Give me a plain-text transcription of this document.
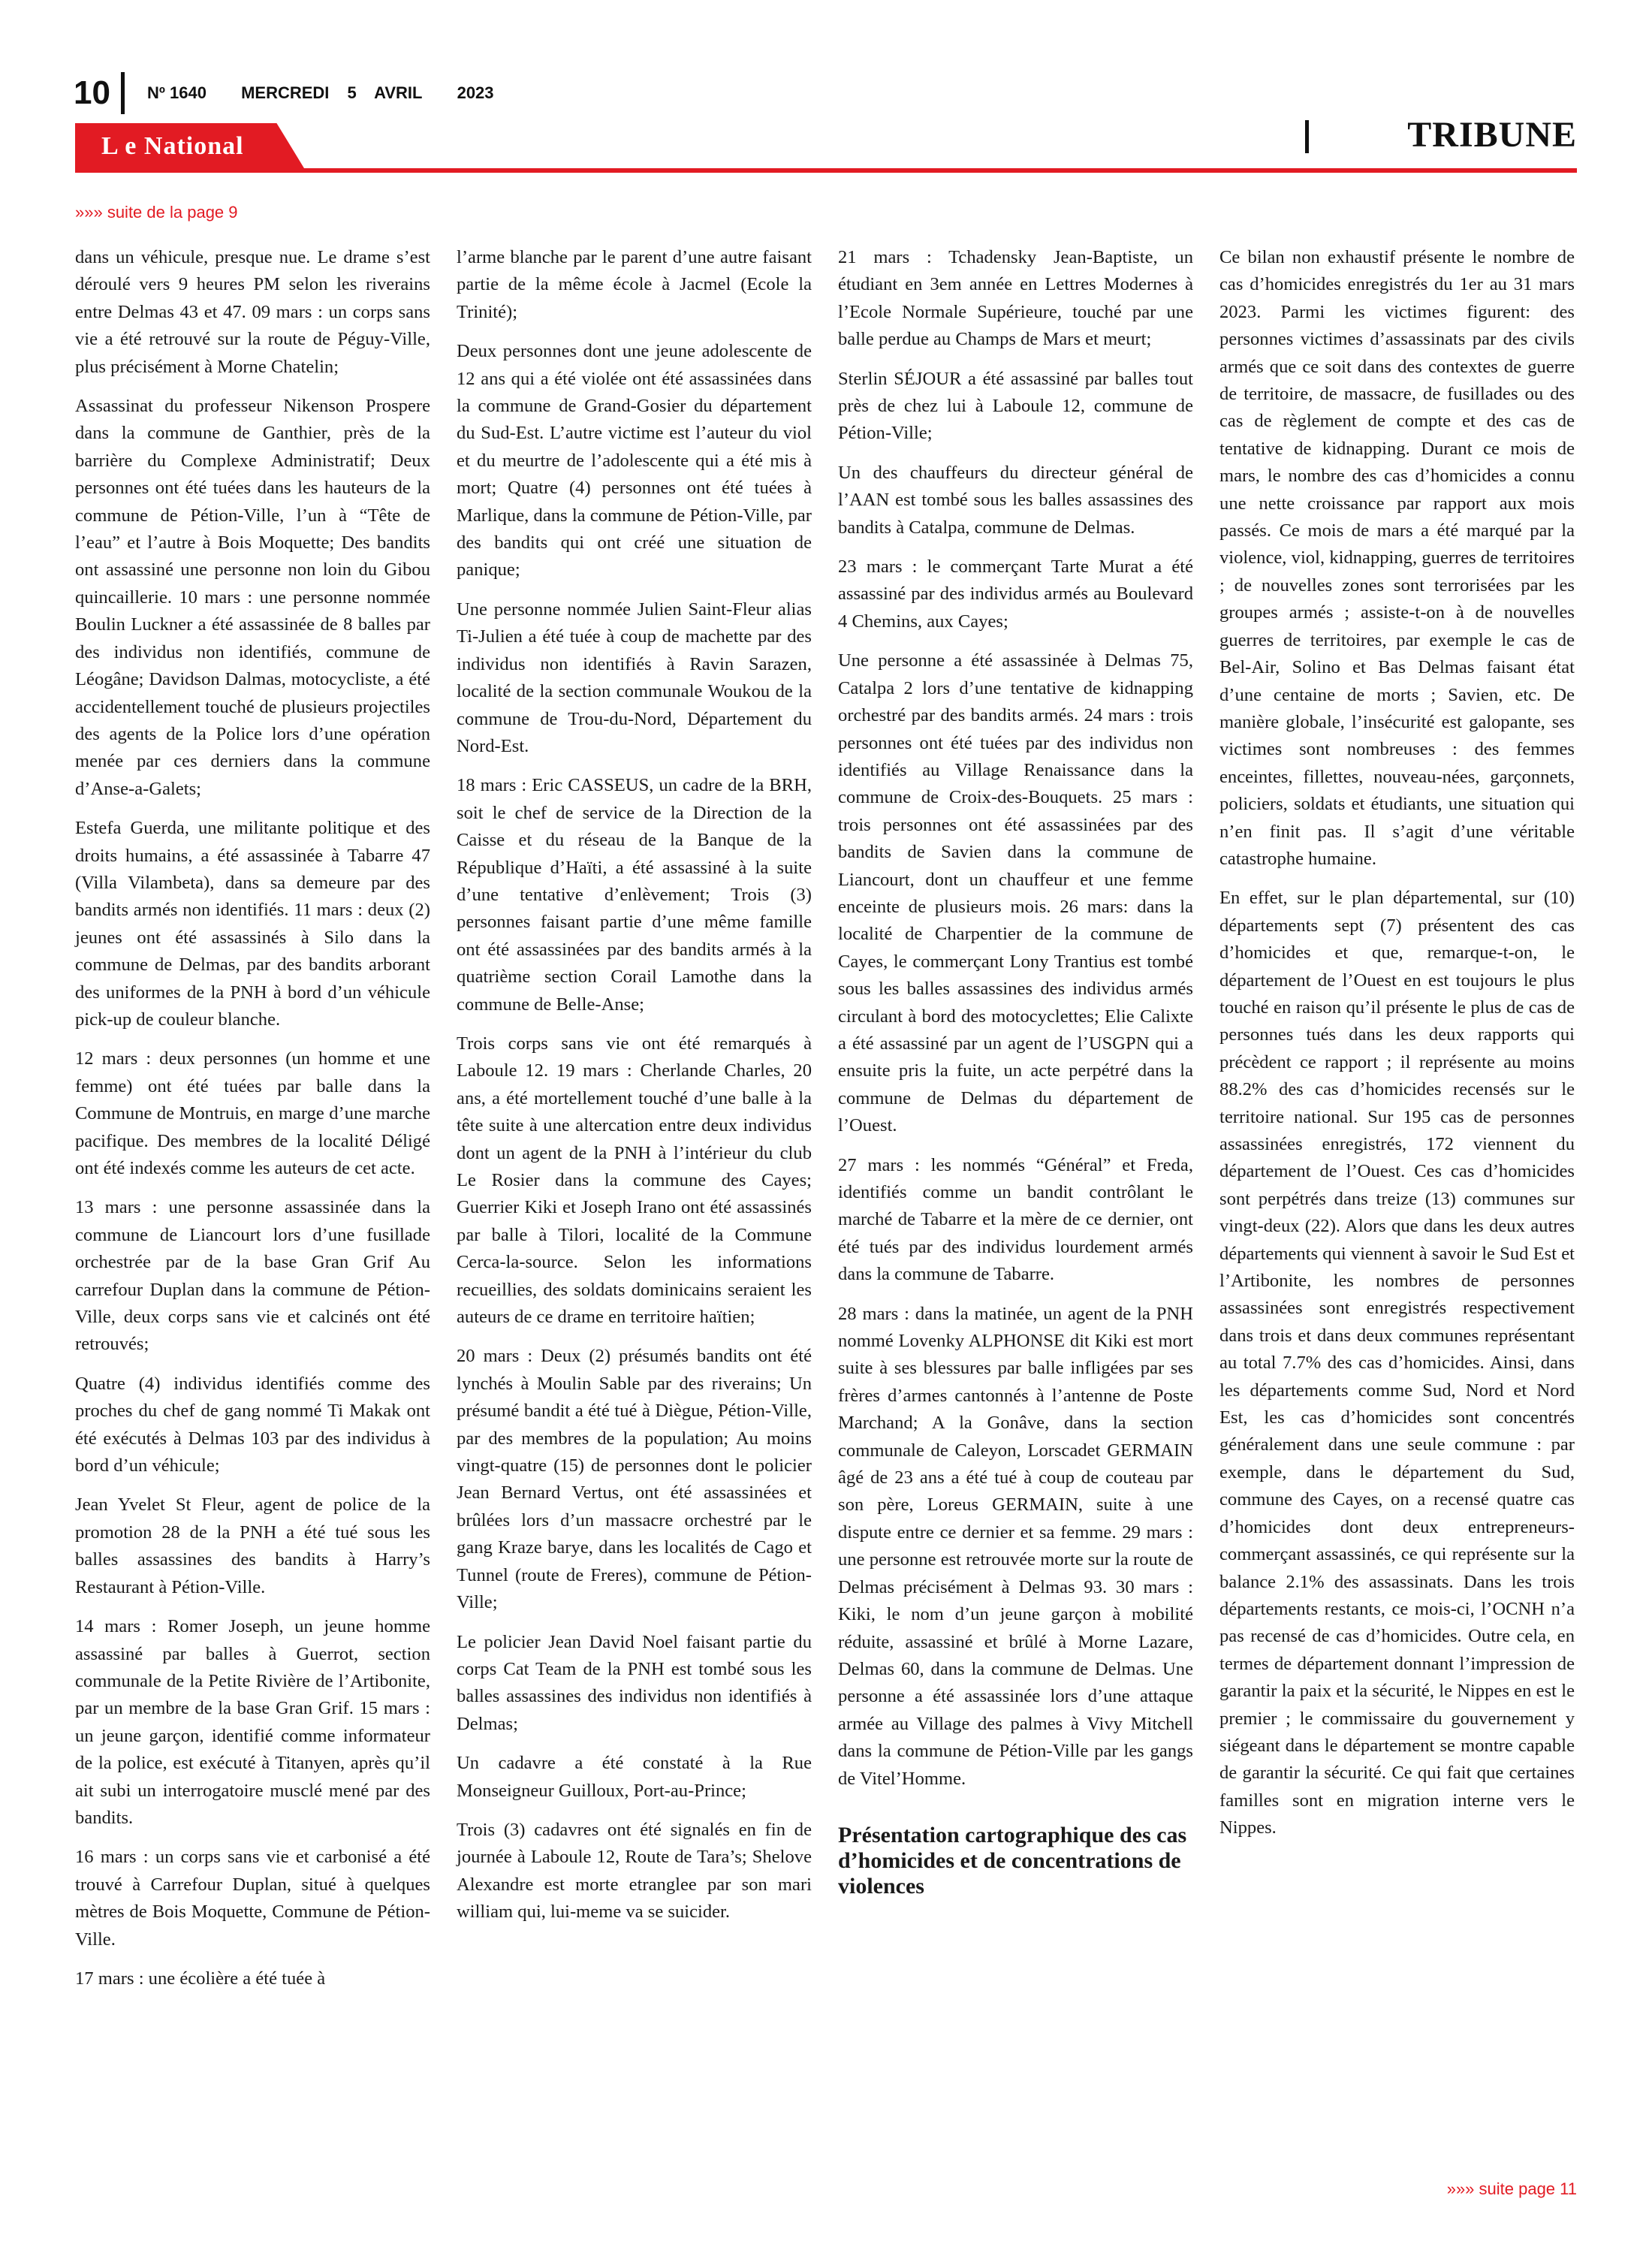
10 Nº 1640 MERCREDI 5 AVRIL 2023
L e National	TRIBUNE
»»» suite de la page 9

dans un véhicule, presque nue. Le drame s’est déroulé vers 9 heures PM selon les riverains entre Delmas 43 et 47. 09 mars : un corps sans vie a été retrouvé sur la route de Péguy-Ville, plus précisément à Morne Chatelin;

Assassinat du professeur Nikenson Prospere dans la commune de Ganthier, près de la barrière du Complexe Administratif; Deux personnes ont été tuées dans les hauteurs de la commune de Pétion-Ville, l’un à “Tête de l’eau” et l’autre à Bois Moquette; Des bandits ont assassiné une personne non loin du Gibou quincaillerie. 10 mars : une personne nommée Boulin Luckner a été assassinée de 8 balles par des individus non identifiés, commune de Léogâne; Davidson Dalmas, motocycliste, a été accidentellement touché de plusieurs projectiles des agents de la Police lors d’une opération menée par ces derniers dans la commune d’Anse-a-Galets;

Estefa Guerda, une militante politique et des droits humains, a été assassinée à Tabarre 47 (Villa Vilambeta), dans sa demeure par des bandits armés non identifiés. 11 mars : deux (2) jeunes ont été assassinés à Silo dans la commune de Delmas, par des bandits arborant des uniformes de la PNH à bord d’un véhicule pick-up de couleur blanche.

12 mars : deux personnes (un homme et une femme) ont été tuées par balle dans la Commune de Montruis, en marge d’une marche pacifique. Des membres de la localité Déligé ont été indexés comme les auteurs de cet acte.

13 mars : une personne assassinée dans la commune de Liancourt lors d’une fusillade orchestrée par de la base Gran Grif Au carrefour Duplan dans la commune de Pétion-Ville, deux corps sans vie et calcinés ont été retrouvés;

Quatre (4) individus identifiés comme des proches du chef de gang nommé Ti Makak ont été exécutés à Delmas 103 par des individus à bord d’un véhicule;

Jean Yvelet St Fleur, agent de police de la promotion 28 de la PNH a été tué sous les balles assassines des bandits à Harry’s Restaurant à Pétion-Ville.

14 mars : Romer Joseph, un jeune homme assassiné par balles à Guerrot, section communale de la Petite Rivière de l’Artibonite, par un membre de la base Gran Grif. 15 mars : un jeune garçon, identifié comme informateur de la police, est exécuté à Titanyen, après qu’il ait subi un interrogatoire musclé mené par des bandits.

16 mars : un corps sans vie et carbonisé a été trouvé à Carrefour Duplan, situé à quelques mètres de Bois Moquette, Commune de Pétion-Ville.

17 mars : une écolière a été tuée à

l’arme blanche par le parent d’une autre faisant partie de la même école à Jacmel (Ecole la Trinité);

Deux personnes dont une jeune adolescente de 12 ans qui a été violée ont été assassinées dans la commune de Grand-Gosier du département du Sud-Est. L’autre victime est l’auteur du viol et du meurtre de l’adolescente qui a été mis à mort; Quatre (4) personnes ont été tuées à Marlique, dans la commune de Pétion-Ville, par des bandits qui ont créé une situation de panique;

Une personne nommée Julien Saint-Fleur alias Ti-Julien a été tuée à coup de machette par des individus non identifiés à Ravin Sarazen, localité de la section communale Woukou de la commune de Trou-du-Nord, Département du Nord-Est.

18 mars : Eric CASSEUS, un cadre de la BRH, soit le chef de service de la Direction de la Caisse et du réseau de la Banque de la République d’Haïti, a été assassiné à la suite d’une tentative d’enlèvement; Trois (3) personnes faisant partie d’une même famille ont été assassinées par des bandits armés à la quatrième section Corail Lamothe dans la commune de Belle-Anse;

Trois corps sans vie ont été remarqués à Laboule 12. 19 mars : Cherlande Charles, 20 ans, a été mortellement touché d’une balle à la tête suite à une altercation entre deux individus dont un agent de la PNH à l’intérieur du club Le Rosier dans la commune des Cayes; Guerrier Kiki et Joseph Irano ont été assassinés par balle à Tilori, localité de la Commune Cerca-la-source. Selon les informations recueillies, des soldats dominicains seraient les auteurs de ce drame en territoire haïtien;

20 mars : Deux (2) présumés bandits ont été lynchés à Moulin Sable par des riverains; Un présumé bandit a été tué à Diègue, Pétion-Ville, par des membres de la population; Au moins vingt-quatre (15) de personnes dont le policier Jean Bernard Vertus, ont été assassinées et brûlées lors d’un massacre orchestré par le gang Kraze barye, dans les localités de Cago et Tunnel (route de Freres), commune de Pétion-Ville;

Le policier Jean David Noel faisant partie du corps Cat Team de la PNH est tombé sous les balles assassines des individus non identifiés à Delmas;

Un cadavre a été constaté à la Rue Monseigneur Guilloux, Port-au-Prince;

Trois (3) cadavres ont été signalés en fin de journée à Laboule 12, Route de Tara’s; Shelove Alexandre est morte etranglee par son mari william qui, lui-meme va se suicider.

21 mars : Tchadensky Jean-Baptiste, un étudiant en 3em année en Lettres Modernes à l’Ecole Normale Supérieure, touché par une balle perdue au Champs de Mars et meurt;

Sterlin SÉJOUR a été assassiné par balles tout près de chez lui à Laboule 12, commune de Pétion-Ville;

Un des chauffeurs du directeur général de l’AAN est tombé sous les balles assassines des bandits à Catalpa, commune de Delmas.

23 mars : le commerçant Tarte Murat a été assassiné par des individus armés au Boulevard 4 Chemins, aux Cayes;

Une personne a été assassinée à Delmas 75, Catalpa 2 lors d’une tentative de kidnapping orchestré par des bandits armés. 24 mars : trois personnes ont été tuées par des individus non identifiés au Village Renaissance dans la commune de Croix-des-Bouquets. 25 mars : trois personnes ont été assassinées par des bandits de Savien dans la commune de Liancourt, dont un chauffeur et une femme enceinte de plusieurs mois. 26 mars: dans la localité de Charpentier de la commune de Cayes, le commerçant Lony Trantius est tombé sous les balles assassines des individus armés circulant à bord des motocyclettes; Elie Calixte a été assassiné par un agent de l’USGPN qui a ensuite pris la fuite, un acte perpétré dans la commune de Delmas du département de l’Ouest.

27 mars : les nommés “Général” et Freda, identifiés comme un bandit contrôlant le marché de Tabarre et la mère de ce dernier, ont été tués par des individus lourdement armés dans la commune de Tabarre.

28 mars : dans la matinée, un agent de la PNH nommé Lovenky ALPHONSE dit Kiki est mort suite à ses blessures par balle infligées par ses frères d’armes cantonnés à l’antenne de Poste Marchand; A la Gonâve, dans la section communale de Caleyon, Lorscadet GERMAIN âgé de 23 ans a été tué à coup de couteau par son père, Loreus GERMAIN, suite à une dispute entre ce dernier et sa femme. 29 mars : une personne est retrouvée morte sur la route de Delmas précisément à Delmas 93. 30 mars : Kiki, le nom d’un jeune garçon à mobilité réduite, assassiné et brûlé à Morne Lazare, Delmas 60, dans la commune de Delmas. Une personne a été assassinée lors d’une attaque armée au Village des palmes à Vivy Mitchell dans la commune de Pétion-Ville par les gangs de Vitel’Homme.

Présentation cartographique des cas d’homicides et de concentrations de violences

Ce bilan non exhaustif présente le nombre de cas d’homicides enregistrés du 1er au 31 mars 2023. Parmi les victimes figurent: des personnes victimes d’assassinats par des civils armés que ce soit dans des contextes de guerre de territoire, de massacre, de fusillades ou des cas de règlement de compte et des cas de tentative de kidnapping. Durant ce mois de mars, le nombre des cas d’homicides a connu une nette croissance par rapport aux mois passés. Ce mois de mars a été marqué par la violence, viol, kidnapping, guerres de territoires ; de nouvelles zones sont terrorisées par les groupes armés ; assiste-t-on à de nouvelles guerres de territoires, par exemple le cas de Bel-Air, Solino et Bas Delmas faisant état d’une centaine de morts ; Savien, etc. De manière globale, l’insécurité est galopante, ses victimes sont nombreuses : des femmes enceintes, fillettes, nouveau-nées, garçonnets, policiers, soldats et étudiants, une situation qui n’en finit pas. Il s’agit d’une véritable catastrophe humaine.

En effet, sur le plan départemental, sur (10) départements sept (7) présentent des cas d’homicides et que, remarque-t-on, le département de l’Ouest en est toujours le plus touché en raison qu’il présente le plus de cas de personnes tués dans les deux rapports qui précèdent ce rapport ; il représente au moins 88.2% des cas d’homicides recensés sur le territoire national. Sur 195 cas de personnes assassinées enregistrés, 172 viennent du département de l’Ouest. Ces cas d’homicides sont perpétrés dans treize (13) communes sur vingt-deux (22). Alors que dans les deux autres départements qui viennent à savoir le Sud Est et l’Artibonite, les nombres de personnes assassinées sont enregistrés respectivement dans trois et dans deux communes représentant au total 7.7% des cas d’homicides. Ainsi, dans les départements comme Sud, Nord et Nord Est, les cas d’homicides sont concentrés généralement dans une seule commune : par exemple, dans le département du Sud, commune des Cayes, on a recensé quatre cas d’homicides dont deux entrepreneurs-commerçant assassinés, ce qui représente sur la balance 2.1% des assassinats. Dans les trois départements restants, ce mois-ci, l’OCNH n’a pas recensé de cas d’homicides. Outre cela, en termes de département donnant l’impression de garantir la paix et la sécurité, le Nippes en est le premier ; le commissaire du gouvernement y siégeant dans le département se montre capable de garantir la sécurité. Ce qui fait que certaines familles sont en migration interne vers le Nippes.

»»» suite page 11
